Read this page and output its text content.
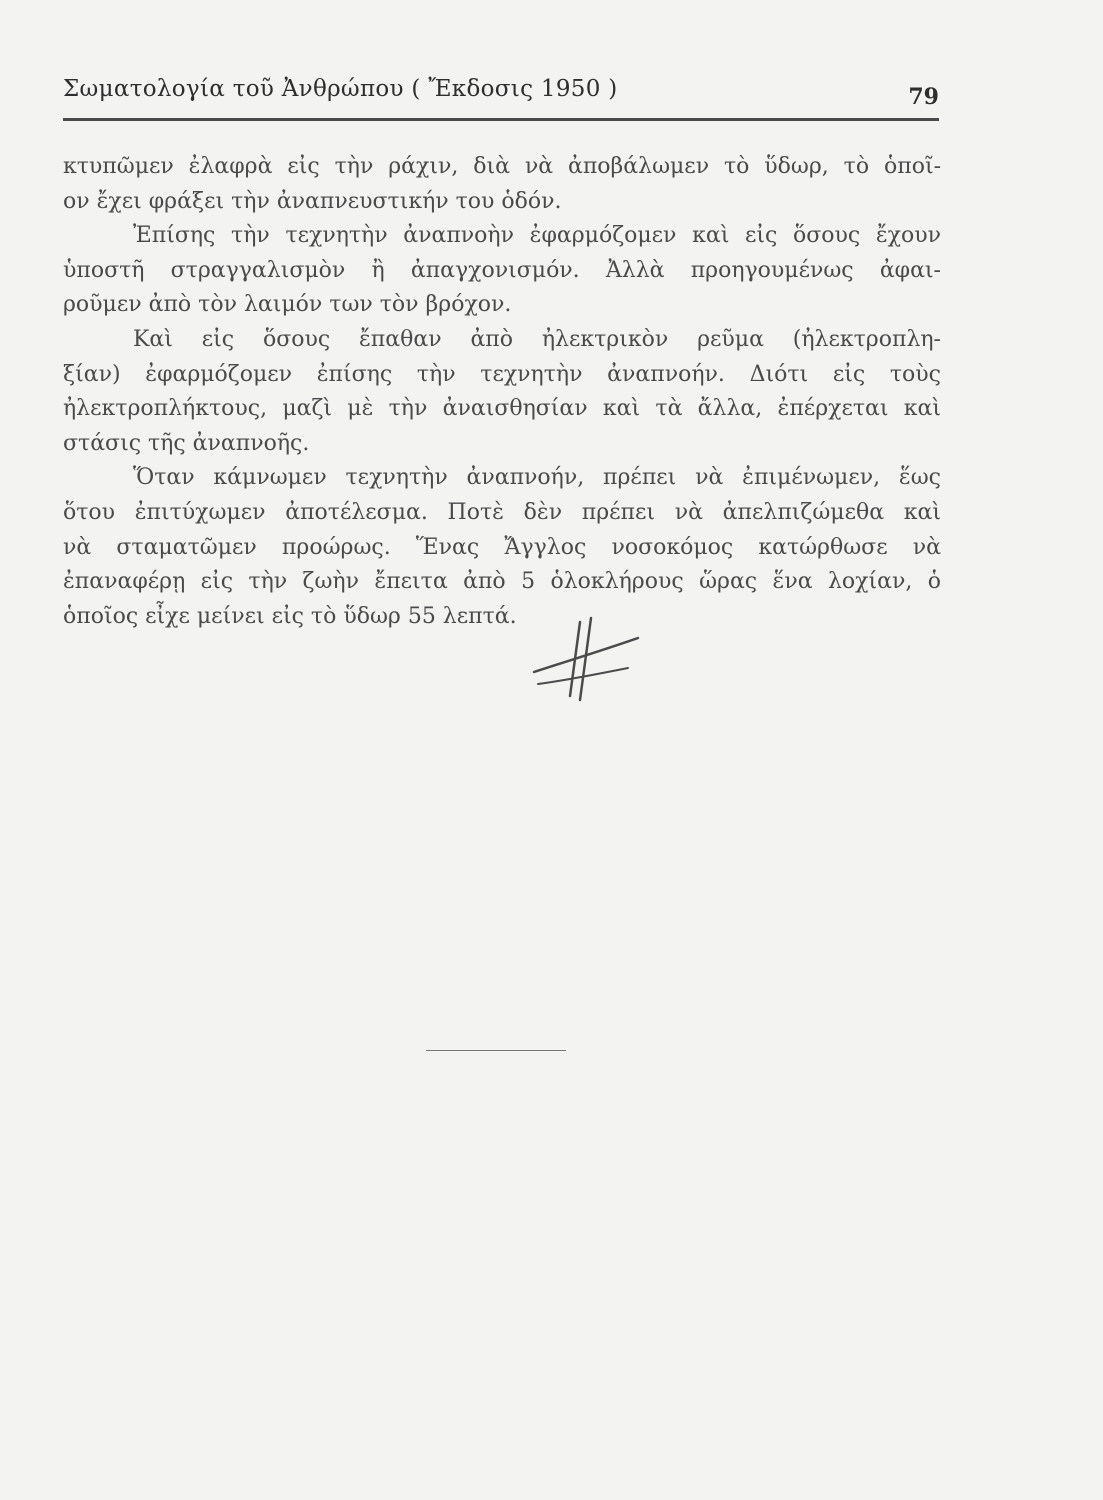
Σωματολογία τοῦ Ἀνθρώπου ( Ἔκδοσις 1950 )	79
κτυπῶμεν ἐλαφρὰ εἰς τὴν ράχιν, διὰ νὰ ἀποβάλωμεν τὸ ὕδωρ, τὸ ὁποῖ-
ον ἔχει φράξει τὴν ἀναπνευστικήν του ὁδόν.
Ἐπίσης τὴν τεχνητὴν ἀναπνοὴν ἐφαρμόζομεν καὶ εἰς ὅσους ἔχουν
ὑποστῆ στραγγαλισμὸν ἢ ἀπαγχονισμόν. Ἀλλὰ προηγουμένως ἀφαι-
ροῦμεν ἀπὸ τὸν λαιμόν των τὸν βρόχον.
Καὶ εἰς ὅσους ἔπαθαν ἀπὸ ἠλεκτρικὸν ρεῦμα (ἠλεκτροπλη-
ξίαν) ἐφαρμόζομεν ἐπίσης τὴν τεχνητὴν ἀναπνοήν. Διότι εἰς τοὺς
ἠλεκτροπλήκτους, μαζὶ μὲ τὴν ἀναισθησίαν καὶ τὰ ἄλλα, ἐπέρχεται καὶ
στάσις τῆς ἀναπνοῆς.
Ὅταν κάμνωμεν τεχνητὴν ἀναπνοήν, πρέπει νὰ ἐπιμένωμεν, ἕως
ὅτου ἐπιτύχωμεν ἀποτέλεσμα. Ποτὲ δὲν πρέπει νὰ ἀπελπιζώμεθα καὶ
νὰ σταματῶμεν προώρως. Ἕνας Ἄγγλος νοσοκόμος κατώρθωσε νὰ
ἐπαναφέρῃ εἰς τὴν ζωὴν ἔπειτα ἀπὸ 5 ὁλοκλήρους ὥρας ἕνα λοχίαν, ὁ
ὁποῖος εἶχε μείνει εἰς τὸ ὕδωρ 55 λεπτά.
